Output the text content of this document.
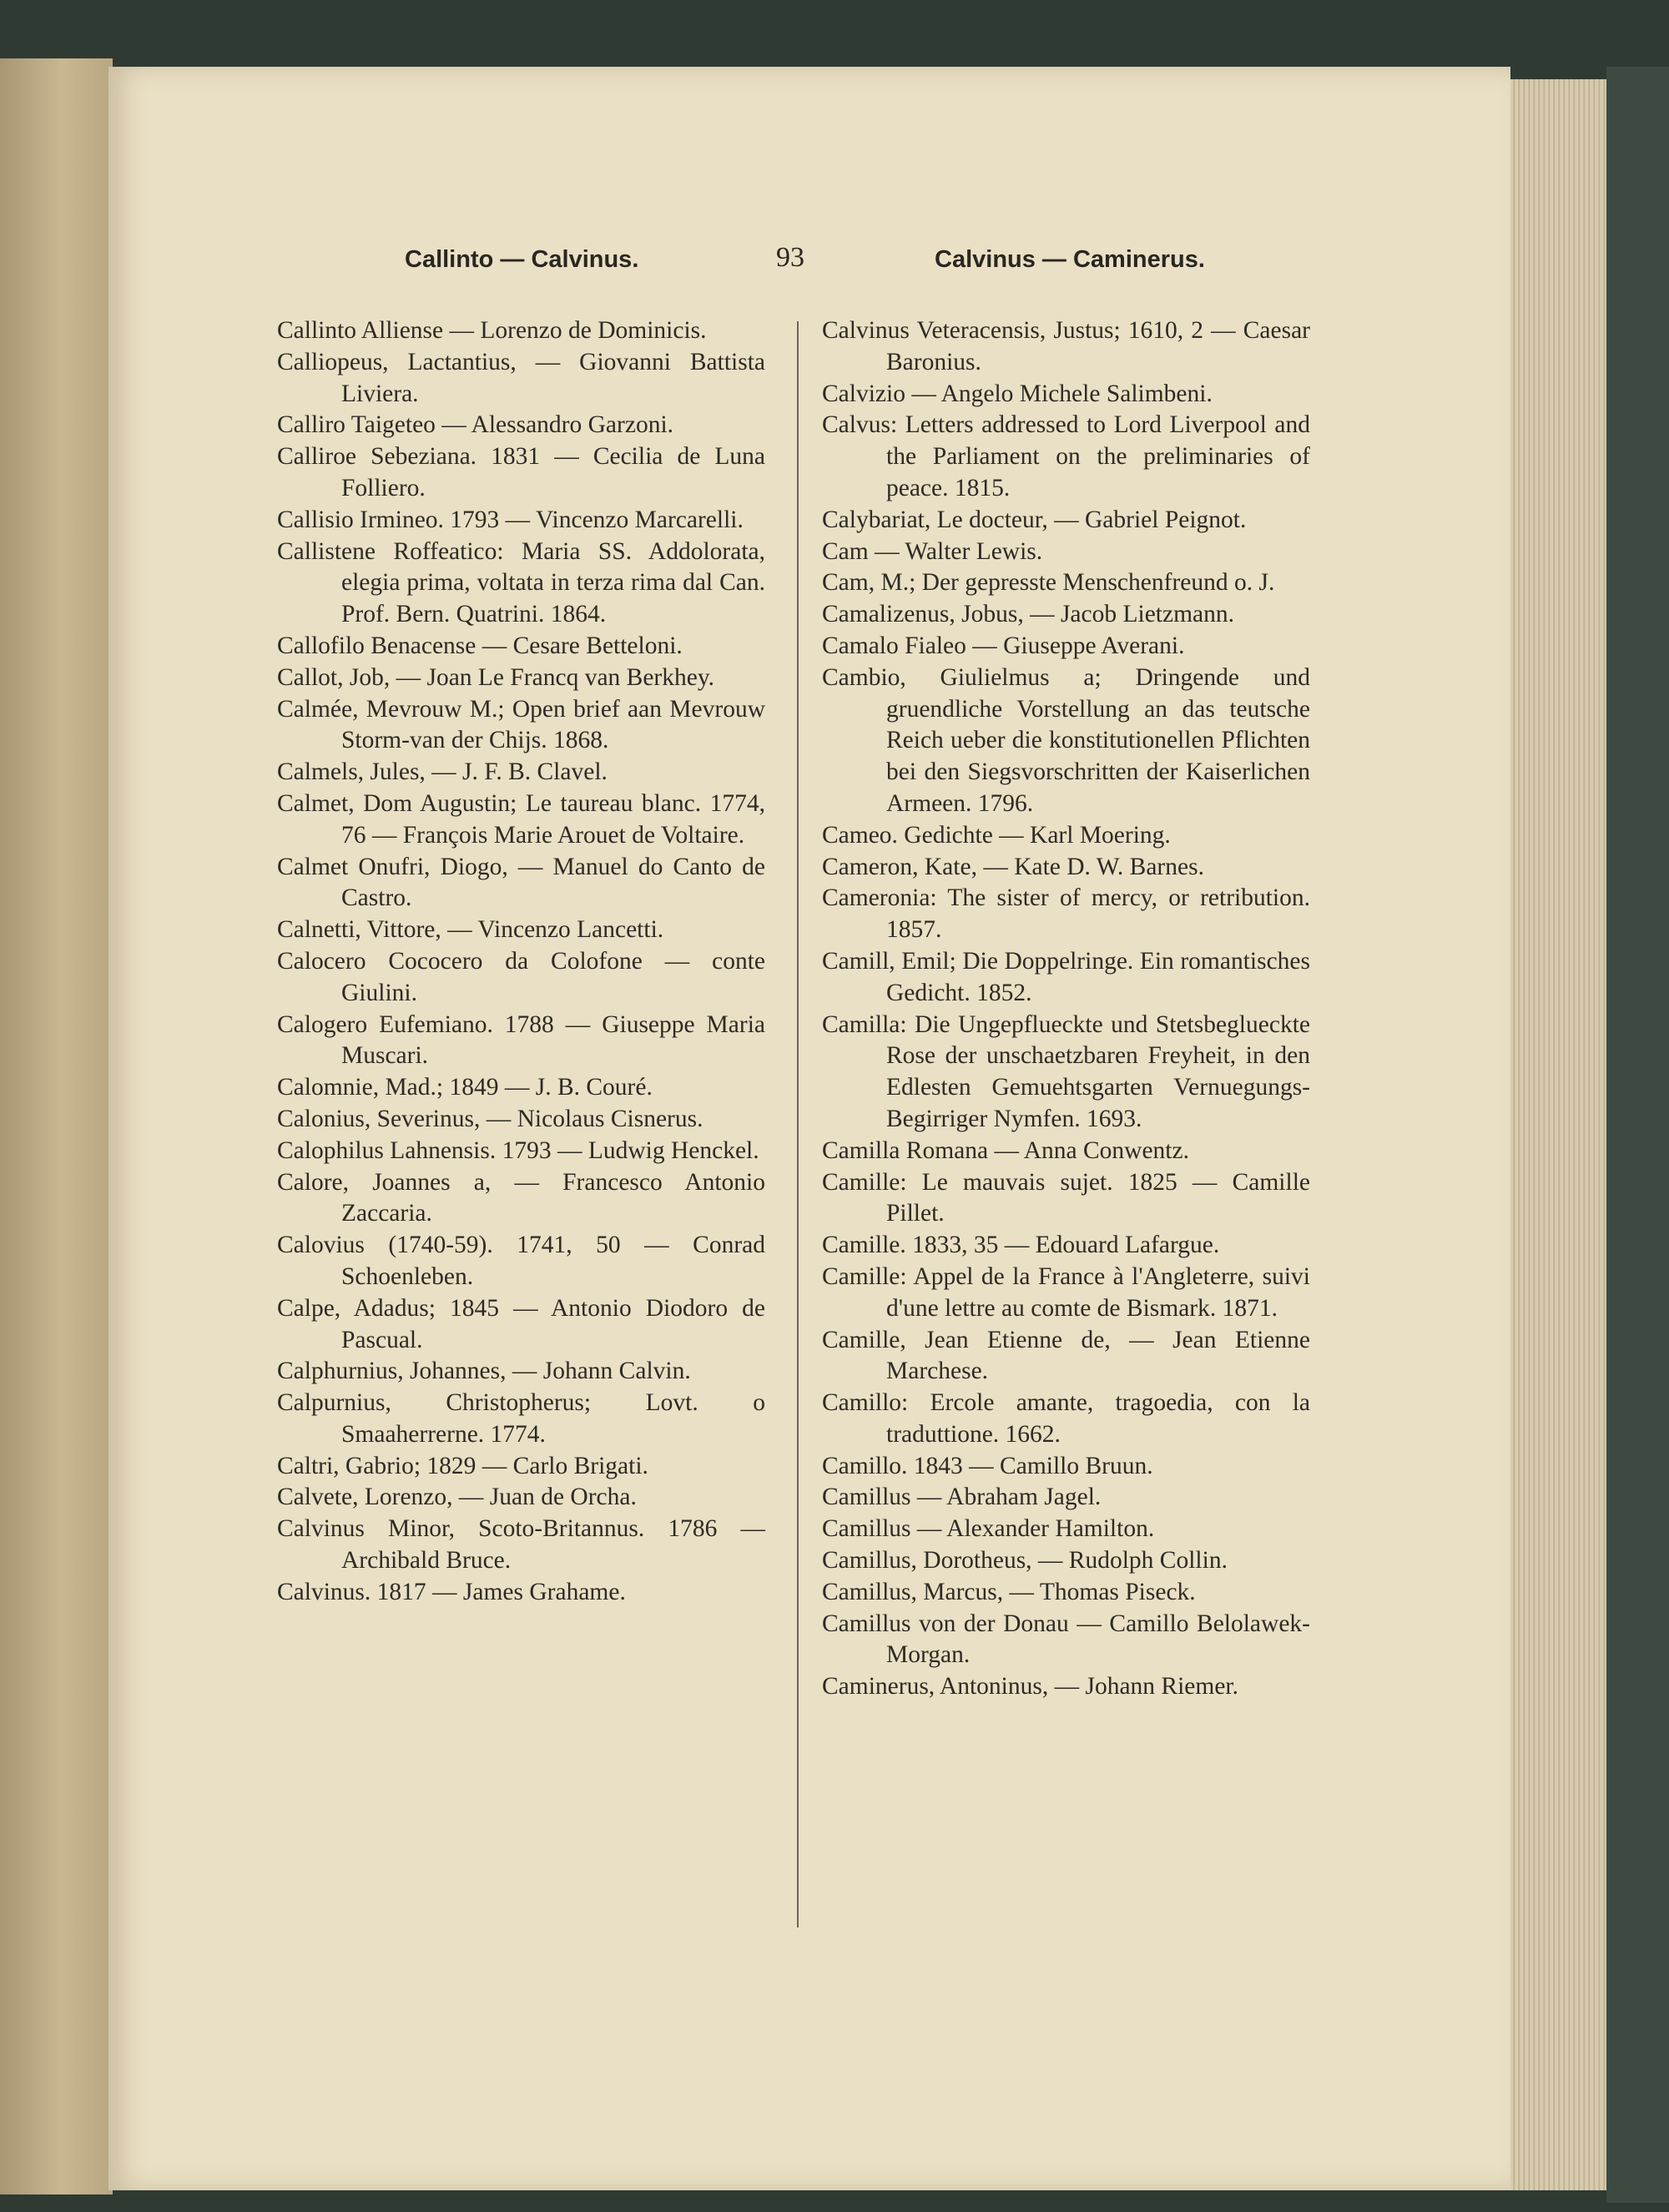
Callinto — Calvinus.	93	Calvinus — Caminerus.
Callinto Alliense — Lorenzo de Dominicis.
Calliopeus, Lactantius, — Giovanni Battista Liviera.
Calliro Taigeteo — Alessandro Garzoni.
Calliroe Sebeziana. 1831 — Cecilia de Luna Folliero.
Callisio Irmineo. 1793 — Vincenzo Marcarelli.
Callistene Roffeatico: Maria SS. Addolorata, elegia prima, voltata in terza rima dal Can. Prof. Bern. Quatrini. 1864.
Callofilo Benacense — Cesare Betteloni.
Callot, Job, — Joan Le Francq van Berkhey.
Calmée, Mevrouw M.; Open brief aan Mevrouw Storm-van der Chijs. 1868.
Calmels, Jules, — J. F. B. Clavel.
Calmet, Dom Augustin; Le taureau blanc. 1774, 76 — François Marie Arouet de Voltaire.
Calmet Onufri, Diogo, — Manuel do Canto de Castro.
Calnetti, Vittore, — Vincenzo Lancetti.
Calocero Cococero da Colofone — conte Giulini.
Calogero Eufemiano. 1788 — Giuseppe Maria Muscari.
Calomnie, Mad.; 1849 — J. B. Couré.
Calonius, Severinus, — Nicolaus Cisnerus.
Calophilus Lahnensis. 1793 — Ludwig Henckel.
Calore, Joannes a, — Francesco Antonio Zaccaria.
Calovius (1740-59). 1741, 50 — Conrad Schoenleben.
Calpe, Adadus; 1845 — Antonio Diodoro de Pascual.
Calphurnius, Johannes, — Johann Calvin.
Calpurnius, Christopherus; Lovt. o Smaaherrerne. 1774.
Caltri, Gabrio; 1829 — Carlo Brigati.
Calvete, Lorenzo, — Juan de Orcha.
Calvinus Minor, Scoto-Britannus. 1786 — Archibald Bruce.
Calvinus. 1817 — James Grahame.
Calvinus Veteracensis, Justus; 1610, 2 — Caesar Baronius.
Calvizio — Angelo Michele Salimbeni.
Calvus: Letters addressed to Lord Liverpool and the Parliament on the preliminaries of peace. 1815.
Calybariat, Le docteur, — Gabriel Peignot.
Cam — Walter Lewis.
Cam, M.; Der gepresste Menschenfreund o. J.
Camalizenus, Jobus, — Jacob Lietzmann.
Camalo Fialeo — Giuseppe Averani.
Cambio, Giulielmus a; Dringende und gruendliche Vorstellung an das teutsche Reich ueber die konstitutionellen Pflichten bei den Siegsvorschritten der Kaiserlichen Armeen. 1796.
Cameo. Gedichte — Karl Moering.
Cameron, Kate, — Kate D. W. Barnes.
Cameronia: The sister of mercy, or retribution. 1857.
Camill, Emil; Die Doppelringe. Ein romantisches Gedicht. 1852.
Camilla: Die Ungepflueckte und Stetsbeglueckte Rose der unschaetzbaren Freyheit, in den Edlesten Gemuehtsgarten Vernuegungs-Begirriger Nymfen. 1693.
Camilla Romana — Anna Conwentz.
Camille: Le mauvais sujet. 1825 — Camille Pillet.
Camille. 1833, 35 — Edouard Lafargue.
Camille: Appel de la France à l'Angleterre, suivi d'une lettre au comte de Bismark. 1871.
Camille, Jean Etienne de, — Jean Etienne Marchese.
Camillo: Ercole amante, tragoedia, con la traduttione. 1662.
Camillo. 1843 — Camillo Bruun.
Camillus — Abraham Jagel.
Camillus — Alexander Hamilton.
Camillus, Dorotheus, — Rudolph Collin.
Camillus, Marcus, — Thomas Piseck.
Camillus von der Donau — Camillo Belolawek-Morgan.
Caminerus, Antoninus, — Johann Riemer.
